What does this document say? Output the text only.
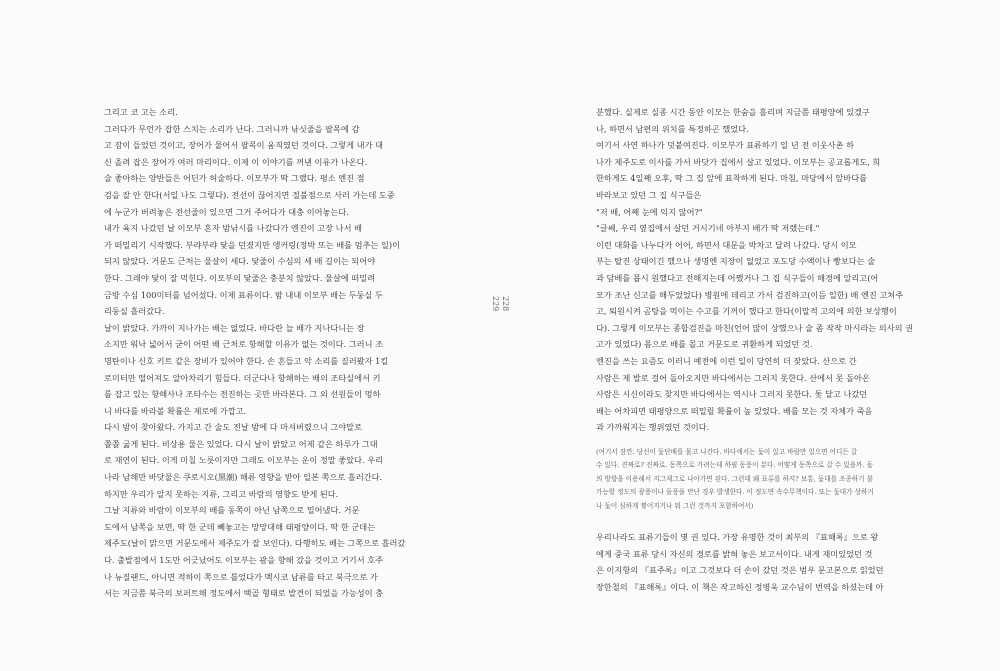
그리고 코 고는 소리.

그러다가 무언가 잡한 스치는 소리가 난다. 그러니까 낚싯줄을 팔목에 감

고 잠이 들었던 것이고, 장어가 물어서 팔목이 움직였던 것이다. 그렇게 내가 대

신 올려 잡은 장어가 여러 마리이다. 이제 이 이야기를 꺼낸 이유가 나온다.

술 좋아하는 양반들은 어딘가 허술하다. 이모부가 딱 그랬다. 평소 엔진 점

검을 잘 안 한다(서일 나도 그렇다). 전선이 끊어지면 절불점으로 사러 가는데 도중

에 누군가 버려놓은 전선줄이 있으면 그거 주어다가 대충 이어놓는다.

내가 육지 나갔던 날 이모부 혼자 밤낚시를 나갔다가 엔진이 고장 나서 배

가 떠밀리기 시작했다. 부랴부랴 닻을 던졌지만 앵커링(정박 또는 배를 멈추는 일)이

되지 않았다. 거문도 근처는 물살이 세다. 닻줄이 수심의 세 배 길이는 되어야

한다. 그래야 닻이 잘 먹힌다. 이모부의 닻줄은 충분치 않았다. 물살에 떠밀려

금방 수심 100미터를 넘어섰다. 이제 표류이다. 밤 내내 이모부 배는 두둥실 두

리둥실 흘러갔다.

날이 밝았다. 가까이 지나가는 배는 없었다. 바다란 늘 배가 지나다니는 장

소지만 워낙 넓어서 굳이 어떤 배 근처로 항해할 이유가 없는 것이다. 그러니 조

명탄이나 신호 키트 같은 장비가 있어야 한다. 손 흔들고 악 소리를 질러봤자 1킬

로미터만 떨어져도 알아차리기 힘들다. 더군다나 항해하는 배의 조타실에서 키

를 잡고 있는 항해사나 조타수는 전진하는 곳만 바라본다. 그 외 선원들이 멍하

니 바다를 바라볼 확률은 제로에 가깝고.

다시 밤이 찾아왔다. 가지고 간 술도 전날 밤에 다 마셔버렸으니 그야말로

쫄쫄 굶게 된다. 비상용 물은 있었다. 다시 날이 밝았고 어제 같은 하루가 그대

로 재연이 된다. 이게 미칠 노릇이지만 그래도 이모부는 운이 정말 좋았다. 우리

나라 남해만 바닷물은 쿠로시오(黑潮) 해류 영향을 받아 일본 쪽으로 흘러간다.

하지만 우리가 알지 못하는 지류, 그리고 바람의 영향도 받게 된다.

그날 지류와 바람이 이모부의 배를 동쪽이 아닌 남쪽으로 밀어냈다. 거문

도에서 남쪽을 보면, 딱 한 군데 빼놓고는 망망대해 태평양이다. 딱 한 군데는

제주도(날이 맑으면 거문도에서 제주도가 잘 보인다). 다행히도 배는 그쪽으로 흘러갔

다. 출발점에서 1도만 어긋났어도 이모부는 괌을 향해 갔을 것이고 거기서 호주

나 뉴질랜드, 아니면 적하이 쪽으로 틀었다가 멕시코 남류를 타고 북극으로 가

서는 지금쯤 북극의 보퍼트해 정도에서 백골 형태로 발견이 되었을 가능성이 충

228
229

분했다. 실제로 실종 시간 동안 이모는 한숨을 흘리며 지금쯤 태평양에 있겠구

나, 하면서 남편의 위치를 특정하곤 했었다.

여기서 사연 하나가 덧붙여진다. 이모부가 표류하기 일 년 전 이웃사촌 하

나가 제주도로 이사를 가서 바닷가 집에서 살고 있었다. 이모부는 공교롭게도, 희

한하게도 4일째 오후, 딱 그 집 앞에 표착하게 된다. 마침, 마당에서 앞바다를

바라보고 있던 그 집 식구들은

"저 배, 어째 눈에 익지 않어?"

"글쎄, 우리 옆집에서 살던 거시기네 아부지 배가 딱 저랬는데."

이런 대화를 나누다가 어어, 하면서 대문을 박차고 달려 나갔다. 당시 이모

부는 탈진 상태이긴 했으나 생명엔 지장이 없었고 포도당 수액이나 빵보다는 술

과 담배를 몹시 원했다고 전해지는데 어쨌거나 그 집 식구들이 해경에 알리고(어

모가 조난 신고를 해두었었다) 병원에 데리고 가서 검진하고(이듬 일한) 배 엔진 고쳐주

고, 퇴원시켜 곰탕을 먹이는 수고를 기꺼이 했다고 한다(이말적 고의에 의한 보상행이

다). 그렇게 이모부는 종합검진을 마친(언어 많이 상했으나 술 좀 작작 마시라는 의사의 권

고가 있었다) 몸으로 배를 몰고 거문도로 귀환하게 되었던 것.

엔진을 쓰는 요즘도 이러니 예전에 이런 일이 당연히 더 잦았다. 산으로 간

사람은 제 발로 걸어 돌아오지만 바다에서는 그러지 못한다. 산에서 못 돌아온

사람은 시신이라도 찾지만 바다에서는 역시나 그러지 못한다. 돛 달고 나갔던

배는 어차피면 태평양으로 떠밀릴 확률이 높 있었다. 배를 모는 것 자체가 죽음

과 가까워지는 행위였던 것이다.

(여기서 잠깐. 당신이 돛단배를 몰고 나간다. 바다에서는 돛이 있고 바람만 있으면 어디든 갈

수 있다. 진짜로? 진짜로. 동쪽으로 가려는데 하필 동풍이 분다. 어떻게 동쪽으로 갈 수 있을까. 돛

의 방향을 이용해서 지그재그로 나아가면 된다. 그런데 왜 표류를 하지? 보통, 돛대를 조종하기 불

가능할 정도의 광풍이나 돌풍을 만난 경우 발생한다. 이 정도면 속수무책이다. 또는 돛대가 상하거

나 돛이 심하게 찢어지거나 뭐 그런 것까지 포함하여서)

우리나라도 표류기들이 몇 권 있다. 가장 유명한 것이 최부의 『표해록』으로 왕

에게 중국 표류 당시 자신의 경로를 밝혀 놓은 보고서이다. 내게 재미있었던 것

은 이지항의 『표주록』이고 그것보다 더 손이 갔던 것은 범우 문고본으로 읽었던

장한철의 『표해록』이다. 이 책은 작고하신 정병욱 교수님이 번역을 하셨는데 아
